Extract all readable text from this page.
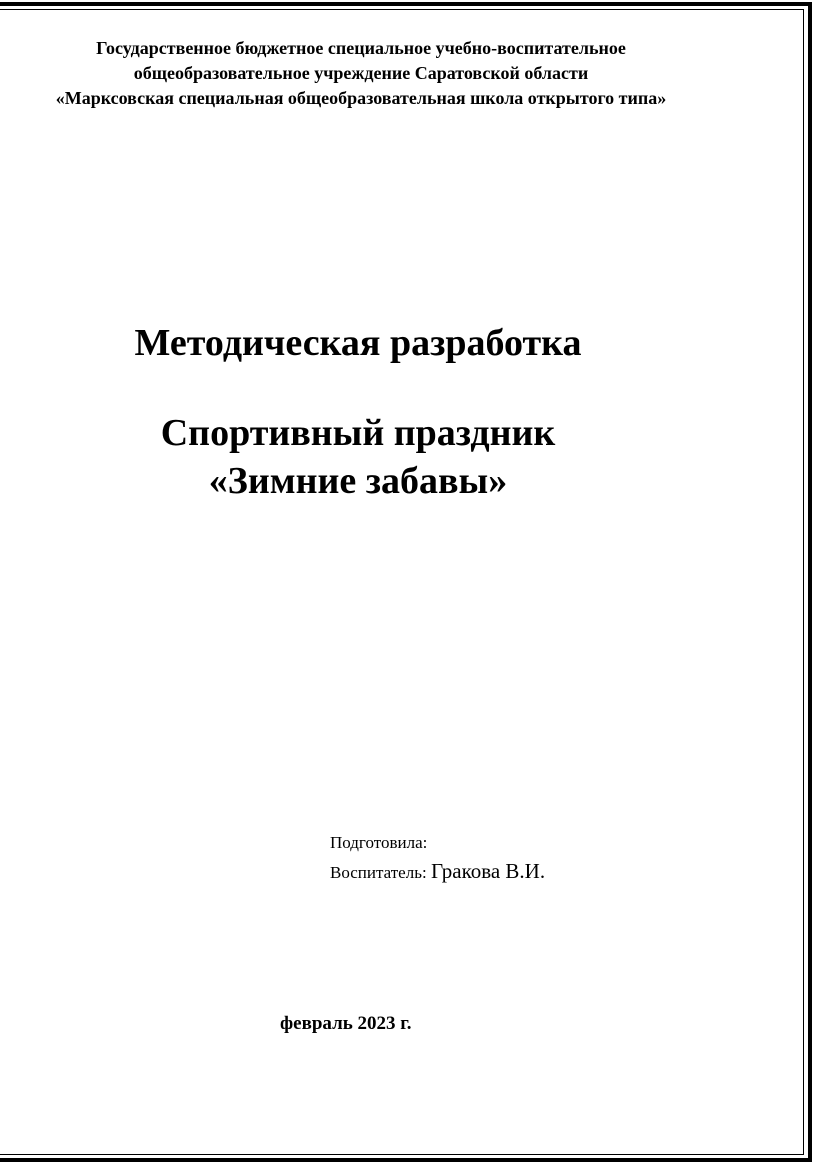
Государственное бюджетное специальное учебно-воспитательное
общеобразовательное учреждение Саратовской области
«Марксовская специальная общеобразовательная школа открытого типа»
Методическая разработка
Спортивный праздник
«Зимние забавы»
Подготовила:
Воспитатель: Гракова В.И.
февраль 2023 г.
